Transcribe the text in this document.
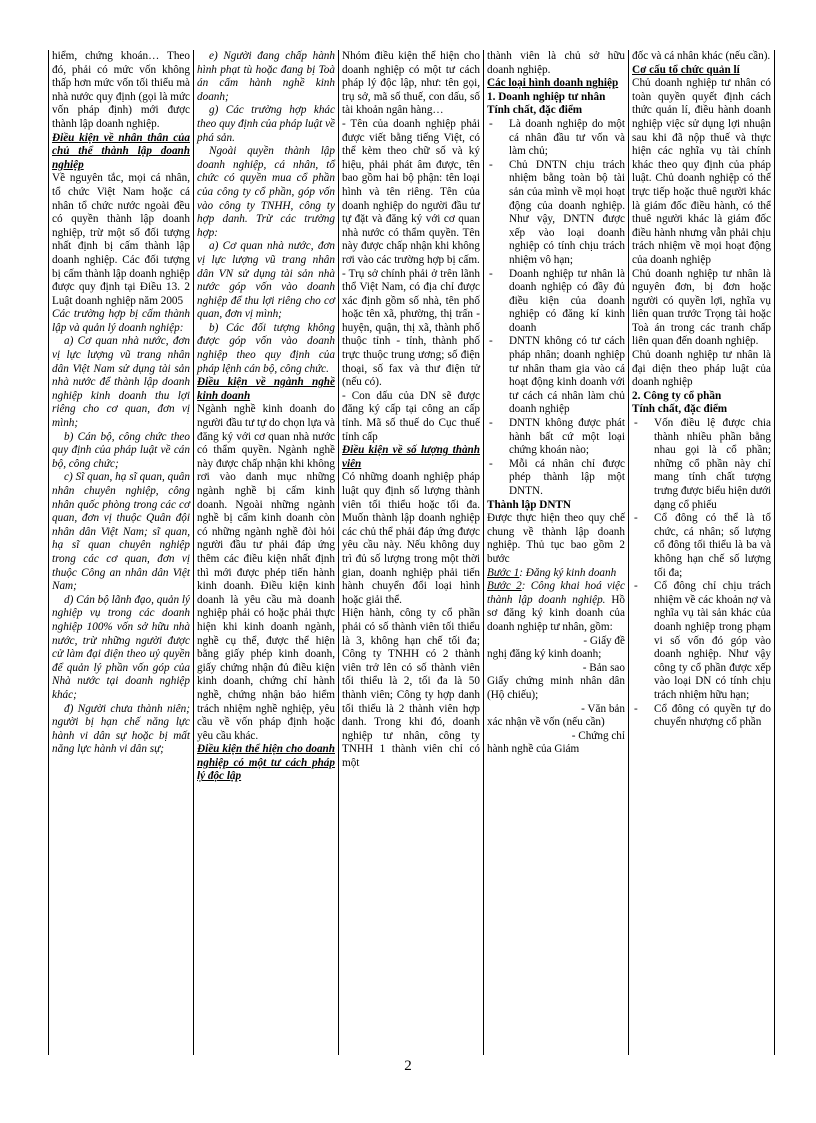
hiểm, chứng khoán… Theo đó, phải có mức vốn không thấp hơn mức vốn tối thiểu mà nhà nước quy định (gọi là mức vốn pháp định) mới được thành lập doanh nghiệp.

Điều kiện về nhân thân của chủ thể thành lập doanh nghiệp

Về nguyên tắc, mọi cá nhân, tổ chức Việt Nam hoặc cá nhân tổ chức nước ngoài đều có quyền thành lập doanh nghiệp, trừ một số đối tượng nhất định bị cấm thành lập doanh nghiệp. Các đối tượng bị cấm thành lập doanh nghiệp được quy định tại Điều 13. 2 Luật doanh nghiệp năm 2005

Các trường hợp bị cấm thành lập và quản lý doanh nghiệp:

a) Cơ quan nhà nước, đơn vị lực lượng vũ trang nhân dân Việt Nam sử dụng tài sản nhà nước để thành lập doanh nghiệp kinh doanh thu lợi riêng cho cơ quan, đơn vị mình;

b) Cán bộ, công chức theo quy định của pháp luật về cán bộ, công chức;

c) Sĩ quan, hạ sĩ quan, quân nhân chuyên nghiệp, công nhân quốc phòng trong các cơ quan, đơn vị thuộc Quân đội nhân dân Việt Nam; sĩ quan, hạ sĩ quan chuyên nghiệp trong các cơ quan, đơn vị thuộc Công an nhân dân Việt Nam;

d) Cán bộ lãnh đạo, quản lý nghiệp vụ trong các doanh nghiệp 100% vốn sở hữu nhà nước, trừ những người được cử làm đại diện theo uỷ quyền để quản lý phần vốn góp của Nhà nước tại doanh nghiệp khác;

đ) Người chưa thành niên; người bị hạn chế năng lực hành vi dân sự hoặc bị mất năng lực hành vi dân sự;

e) Người đang chấp hành hình phạt tù hoặc đang bị Toà án cấm hành nghề kinh doanh;

g) Các trường hợp khác theo quy định của pháp luật về phá sản.

Ngoài quyền thành lập doanh nghiệp, cá nhân, tổ chức có quyền mua cổ phần của công ty cổ phần, góp vốn vào công ty TNHH, công ty hợp danh. Trừ các trường hợp:

a) Cơ quan nhà nước, đơn vị lực lượng vũ trang nhân dân VN sử dụng tài sản nhà nước góp vốn vào doanh nghiệp để thu lợi riêng cho cơ quan, đơn vị mình;

b) Các đối tượng không được góp vốn vào doanh nghiệp theo quy định của pháp lệnh cán bộ, công chức.

Điều kiện về ngành nghề kinh doanh

Ngành nghề kinh doanh do người đầu tư tự do chọn lựa và đăng ký với cơ quan nhà nước có thẩm quyền. Ngành nghề này được chấp nhận khi không rơi vào danh mục những ngành nghề bị cấm kinh doanh. Ngoài những ngành nghề bị cấm kinh doanh còn có những ngành nghề đòi hỏi người đầu tư phải đáp ứng thêm các điều kiện nhất định thì mới được phép tiến hành kinh doanh. Điều kiện kinh doanh là yêu cầu mà doanh nghiệp phải có hoặc phải thực hiện khi kinh doanh ngành, nghề cụ thể, được thể hiện bằng giấy phép kinh doanh, giấy chứng nhận đủ điều kiện kinh doanh, chứng chỉ hành nghề, chứng nhận bảo hiểm trách nhiệm nghề nghiệp, yêu cầu về vốn pháp định hoặc yêu cầu khác.

Điều kiện thể hiện cho doanh nghiệp có một tư cách pháp lý độc lập

Nhóm điều kiện thể hiện cho doanh nghiệp có một tư cách pháp lý độc lập, như: tên gọi, trụ sở, mã số thuế, con dấu, số tài khoản ngân hàng…

- Tên của doanh nghiệp phải được viết bằng tiếng Việt, có thể kèm theo chữ số và ký hiệu, phải phát âm được, tên bao gồm hai bộ phận: tên loại hình và tên riêng. Tên của doanh nghiệp do người đầu tư tự đặt và đăng ký với cơ quan nhà nước có thẩm quyền. Tên này được chấp nhận khi không rơi vào các trường hợp bị cấm.

- Trụ sở chính phải ở trên lãnh thổ Việt Nam, có địa chỉ được xác định gồm số nhà, tên phố hoặc tên xã, phường, thị trấn - huyện, quận, thị xã, thành phố thuộc tỉnh - tỉnh, thành phố trực thuộc trung ương; số điện thoại, số fax và thư điện tử (nếu có).

- Con dấu của DN sẽ được đăng ký cấp tại công an cấp tỉnh. Mã số thuế do Cục thuế tỉnh cấp

Điều kiện về số lượng thành viên

Có những doanh nghiệp pháp luật quy định số lượng thành viên tối thiểu hoặc tối đa. Muốn thành lập doanh nghiệp các chủ thể phải đáp ứng được yêu cầu này. Nếu không duy trì đủ số lượng trong một thời gian, doanh nghiệp phải tiến hành chuyển đổi loại hình hoặc giải thể.

Hiện hành, công ty cổ phần phải có số thành viên tối thiểu là 3, không hạn chế tối đa; Công ty TNHH có 2 thành viên trở lên có số thành viên tối thiểu là 2, tối đa là 50 thành viên; Công ty hợp danh tối thiểu là 2 thành viên hợp danh. Trong khi đó, doanh nghiệp tư nhân, công ty TNHH 1 thành viên chỉ có một

thành viên là chủ sở hữu doanh nghiệp.

Các loại hình doanh nghiệp

1. Doanh nghiệp tư nhân

Tính chất, đặc điểm

- Là doanh nghiệp do một cá nhân đầu tư vốn và làm chủ;
- Chủ DNTN chịu trách nhiệm bằng toàn bộ tài sản của mình về mọi hoạt động của doanh nghiệp. Như vậy, DNTN được xếp vào loại doanh nghiệp có tính chịu trách nhiệm vô hạn;
- Doanh nghiệp tư nhân là doanh nghiệp có đầy đủ điều kiện của doanh nghiệp có đăng kí kinh doanh
- DNTN không có tư cách pháp nhân; doanh nghiệp tư nhân tham gia vào cá hoạt động kinh doanh với tư cách cá nhân làm chủ doanh nghiệp
- DNTN không được phát hành bất cứ một loại chứng khoán nào;
- Mỗi cá nhân chỉ được phép thành lập một DNTN.

Thành lập DNTN

Được thực hiện theo quy chế chung về thành lập doanh nghiệp. Thủ tục bao gồm 2 bước

Bước 1: Đăng ký kinh doanh

Bước 2: Công khai hoá việc thành lập doanh nghiệp. Hồ sơ đăng ký kinh doanh của doanh nghiệp tư nhân, gồm:

- Giấy đề

nghị đăng ký kinh doanh;

- Bản sao

Giấy chứng minh nhân dân (Hộ chiếu);

- Văn bản

xác nhận về vốn (nếu cần)

- Chứng chỉ

hành nghề của Giám

đốc và cá nhân khác (nếu cần).

Cơ cấu tổ chức quản lí

Chủ doanh nghiệp tư nhân có toàn quyền quyết định cách thức quản lí, điều hành doanh nghiệp việc sử dụng lợi nhuận sau khi đã nộp thuế và thực hiện các nghĩa vụ tài chính khác theo quy định của pháp luật. Chủ doanh nghiệp có thể trực tiếp hoặc thuê người khác là giám đốc điều hành, có thể thuê người khác là giám đốc điều hành nhưng vẫn phải chịu trách nhiệm về mọi hoạt động của doanh nghiệp

Chủ doanh nghiệp tư nhân là nguyên đơn, bị đơn hoặc người có quyền lợi, nghĩa vụ liên quan trước Trọng tài hoặc Toà án trong các tranh chấp liên quan đến doanh nghiệp.

Chủ doanh nghiệp tư nhân là đại diện theo pháp luật của doanh nghiệp

2. Công ty cổ phần

Tính chất, đặc điểm

- Vốn điều lệ được chia thành nhiều phần bằng nhau gọi là cổ phần; những cổ phần này chỉ mang tính chất tượng trưng được biểu hiện dưới dạng cổ phiếu
- Cổ đông có thể là tổ chức, cá nhân; số lượng cổ đông tối thiểu là ba và không hạn chế số lượng tối đa;
- Cổ đông chỉ chịu trách nhiệm về các khoản nợ và nghĩa vụ tài sản khác của doanh nghiệp trong phạm vi số vốn đó góp vào doanh nghiệp. Như vậy công ty cổ phần được xếp vào loại DN có tính chịu trách nhiệm hữu hạn;
- Cổ đông có quyền tự do chuyển nhượng cổ phần
2
